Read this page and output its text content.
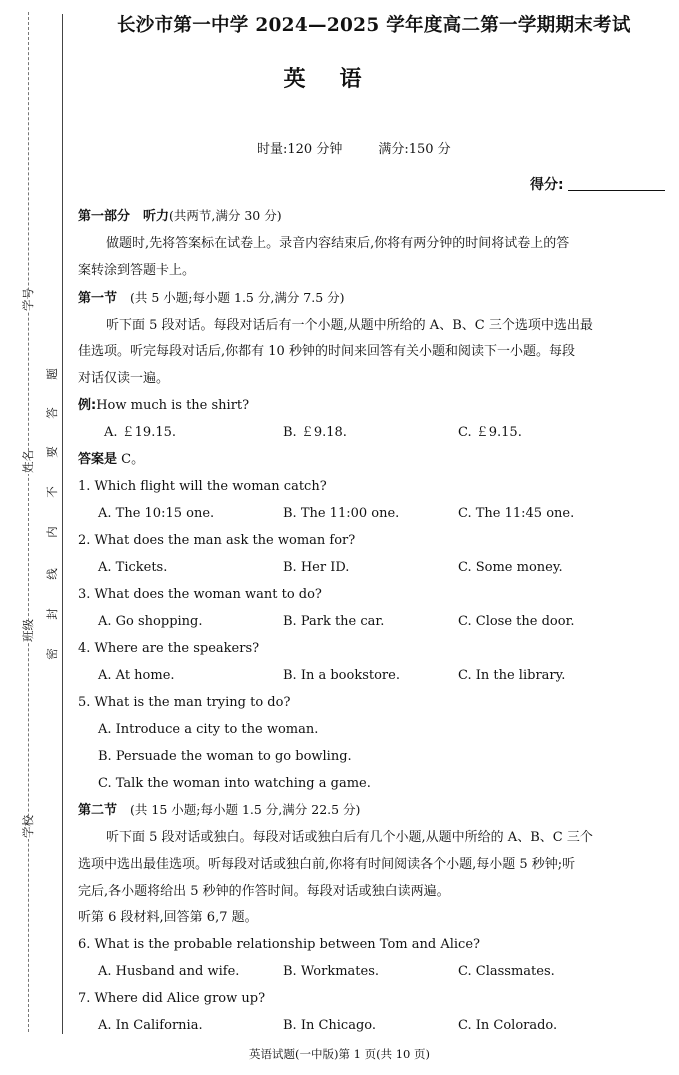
学号
姓名
班级
学校
题
答
要
不
内
线
封
密
长沙市第一中学 2024—2025 学年度高二第一学期期末考试
英语
时量:120 分钟	满分:150 分
得分:
第一部分　听力(共两节,满分 30 分)
做题时,先将答案标在试卷上。录音内容结束后,你将有两分钟的时间将试卷上的答
案转涂到答题卡上。
第一节　 (共 5 小题;每小题 1.5 分,满分 7.5 分)
听下面 5 段对话。每段对话后有一个小题,从题中所给的 A、B、C 三个选项中选出最
佳选项。听完每段对话后,你都有 10 秒钟的时间来回答有关小题和阅读下一小题。每段
对话仅读一遍。
例:How much is the shirt?
A. ￡19.15.	B. ￡9.18.	C. ￡9.15.
答案是 C。
1. Which flight will the woman catch?
A. The 10:15 one.	B. The 11:00 one.	C. The 11:45 one.
2. What does the man ask the woman for?
A. Tickets.	B. Her ID.	C. Some money.
3. What does the woman want to do?
A. Go shopping.	B. Park the car.	C. Close the door.
4. Where are the speakers?
A. At home.	B. In a bookstore.	C. In the library.
5. What is the man trying to do?
A. Introduce a city to the woman.
B. Persuade the woman to go bowling.
C. Talk the woman into watching a game.
第二节　 (共 15 小题;每小题 1.5 分,满分 22.5 分)
听下面 5 段对话或独白。每段对话或独白后有几个小题,从题中所给的 A、B、C 三个
选项中选出最佳选项。听每段对话或独白前,你将有时间阅读各个小题,每小题 5 秒钟;听
完后,各小题将给出 5 秒钟的作答时间。每段对话或独白读两遍。
听第 6 段材料,回答第 6,7 题。
6. What is the probable relationship between Tom and Alice?
A. Husband and wife.	B. Workmates.	C. Classmates.
7. Where did Alice grow up?
A. In California.	B. In Chicago.	C. In Colorado.
英语试题(一中版)第 1 页(共 10 页)
